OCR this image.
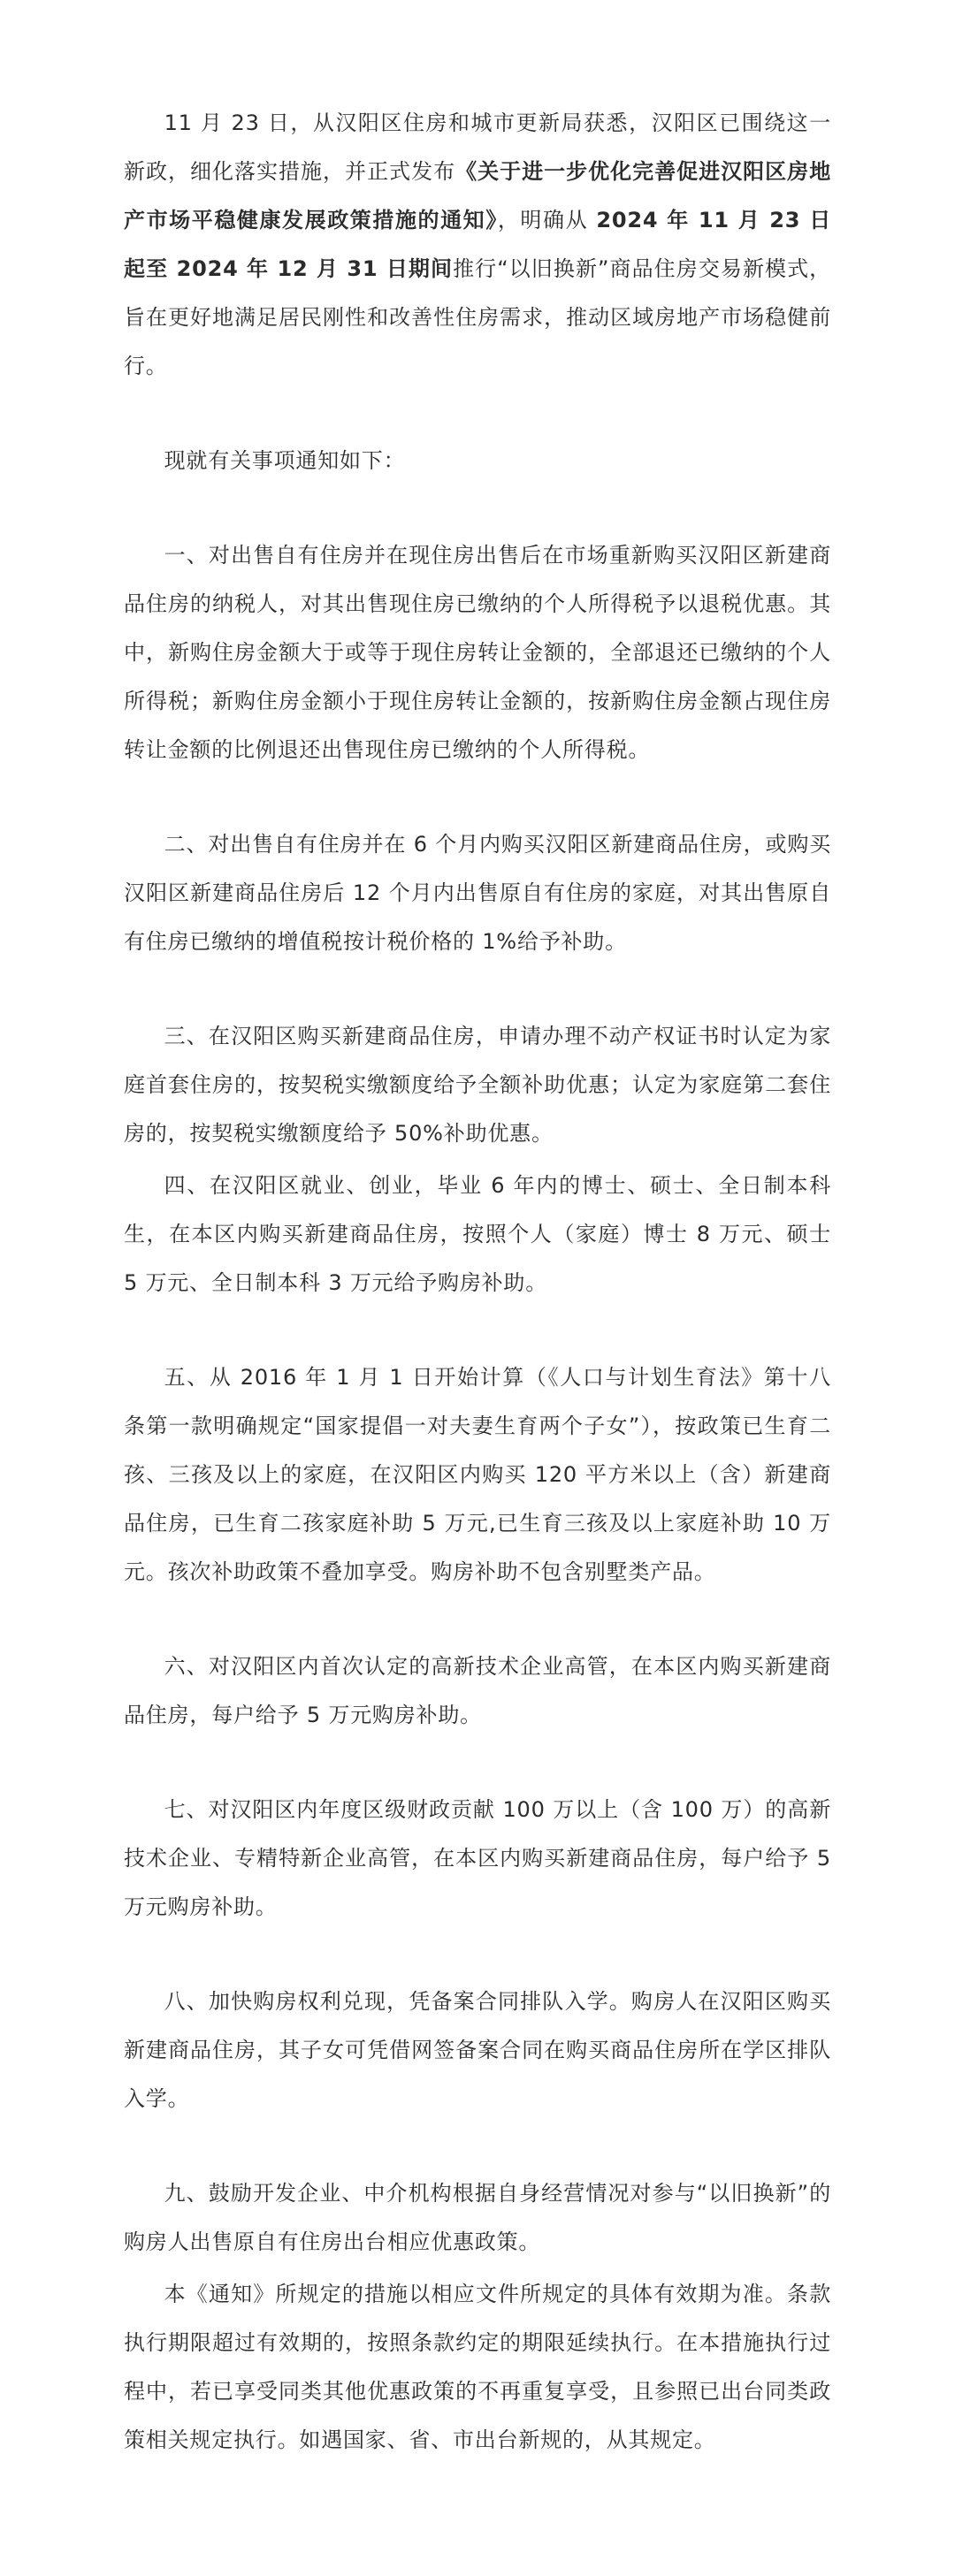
11 月 23 日，从汉阳区住房和城市更新局获悉，汉阳区已围绕这一新政，细化落实措施，并正式发布《关于进一步优化完善促进汉阳区房地产市场平稳健康发展政策措施的通知》，明确从 2024 年 11 月 23 日起至 2024 年 12 月 31 日期间推行“以旧换新”商品住房交易新模式，旨在更好地满足居民刚性和改善性住房需求，推动区域房地产市场稳健前行。

现就有关事项通知如下：

一、对出售自有住房并在现住房出售后在市场重新购买汉阳区新建商品住房的纳税人，对其出售现住房已缴纳的个人所得税予以退税优惠。其中，新购住房金额大于或等于现住房转让金额的，全部退还已缴纳的个人所得税；新购住房金额小于现住房转让金额的，按新购住房金额占现住房转让金额的比例退还出售现住房已缴纳的个人所得税。

二、对出售自有住房并在 6 个月内购买汉阳区新建商品住房，或购买汉阳区新建商品住房后 12 个月内出售原自有住房的家庭，对其出售原自有住房已缴纳的增值税按计税价格的 1%给予补助。

三、在汉阳区购买新建商品住房，申请办理不动产权证书时认定为家庭首套住房的，按契税实缴额度给予全额补助优惠；认定为家庭第二套住房的，按契税实缴额度给予 50%补助优惠。

四、在汉阳区就业、创业，毕业 6 年内的博士、硕士、全日制本科生，在本区内购买新建商品住房，按照个人（家庭）博士 8 万元、硕士 5 万元、全日制本科 3 万元给予购房补助。

五、从 2016 年 1 月 1 日开始计算（《人口与计划生育法》第十八条第一款明确规定“国家提倡一对夫妻生育两个子女”），按政策已生育二孩、三孩及以上的家庭，在汉阳区内购买 120 平方米以上（含）新建商品住房，已生育二孩家庭补助 5 万元,已生育三孩及以上家庭补助 10 万元。孩次补助政策不叠加享受。购房补助不包含别墅类产品。

六、对汉阳区内首次认定的高新技术企业高管，在本区内购买新建商品住房，每户给予 5 万元购房补助。

七、对汉阳区内年度区级财政贡献 100 万以上（含 100 万）的高新技术企业、专精特新企业高管，在本区内购买新建商品住房，每户给予 5 万元购房补助。

八、加快购房权利兑现，凭备案合同排队入学。购房人在汉阳区购买新建商品住房，其子女可凭借网签备案合同在购买商品住房所在学区排队入学。

九、鼓励开发企业、中介机构根据自身经营情况对参与“以旧换新”的购房人出售原自有住房出台相应优惠政策。

本《通知》所规定的措施以相应文件所规定的具体有效期为准。条款执行期限超过有效期的，按照条款约定的期限延续执行。在本措施执行过程中，若已享受同类其他优惠政策的不再重复享受，且参照已出台同类政策相关规定执行。如遇国家、省、市出台新规的，从其规定。
